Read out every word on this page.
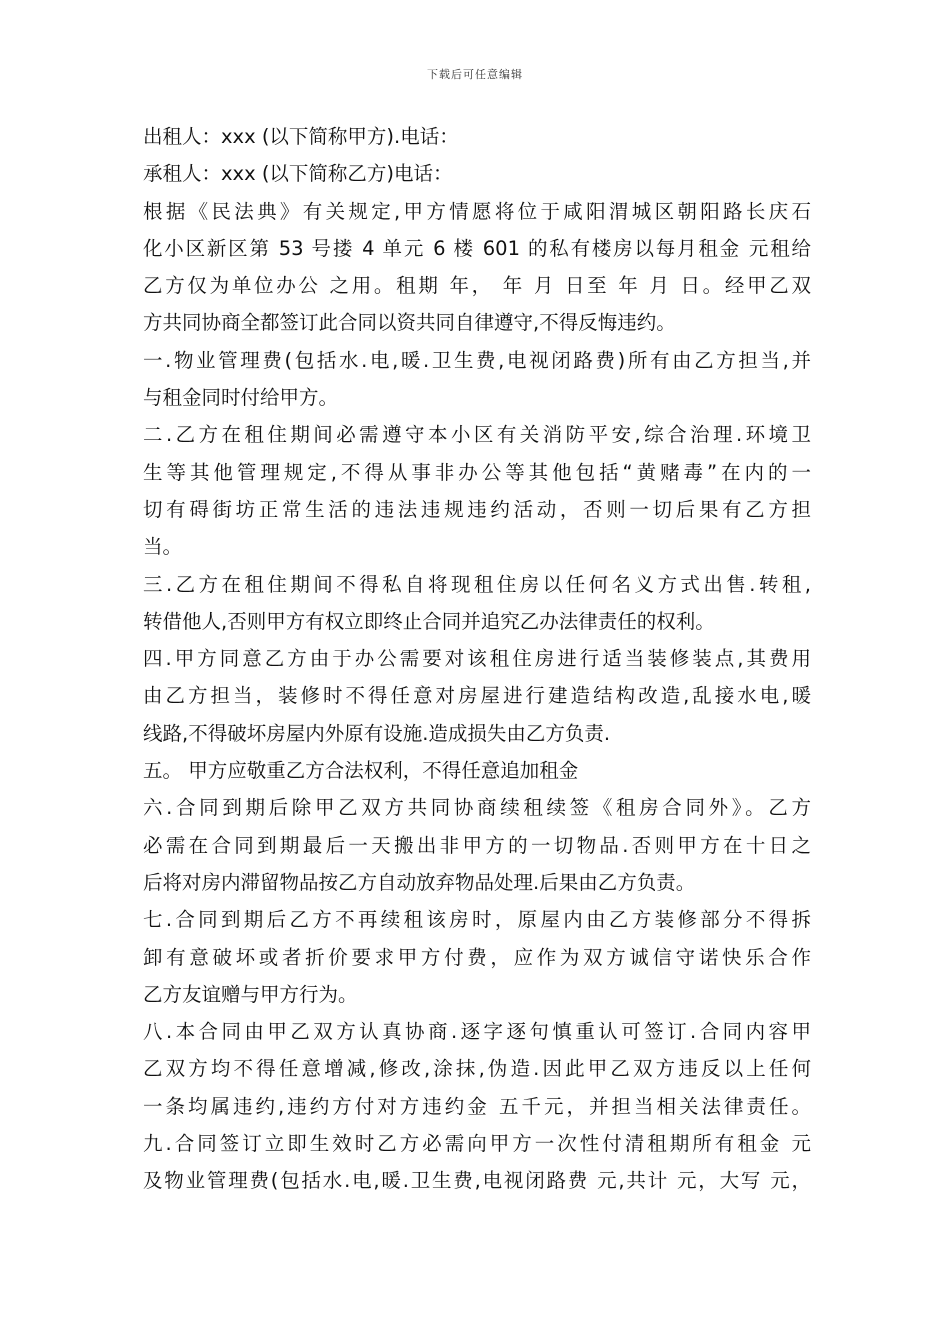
下载后可任意编辑
出租人：xxx (以下简称甲方).电话：
承租人：xxx (以下简称乙方)电话：
根据《民法典》有关规定,甲方情愿将位于咸阳渭城区朝阳路长庆石
化小区新区第 53 号搂 4 单元 6 楼 601 的私有楼房以每月租金 元租给
乙方仅为单位办公 之用。租期 年， 年 月 日至 年 月 日。经甲乙双
方共同协商全都签订此合同以资共同自律遵守,不得反悔违约。
一.物业管理费(包括水.电,暖.卫生费,电视闭路费)所有由乙方担当,并
与租金同时付给甲方。
二.乙方在租住期间必需遵守本小区有关消防平安,综合治理.环境卫
生等其他管理规定,不得从事非办公等其他包括“黄赌毒”在内的一
切有碍街坊正常生活的违法违规违约活动，否则一切后果有乙方担
当。
三.乙方在租住期间不得私自将现租住房以任何名义方式出售.转租,
转借他人,否则甲方有权立即终止合同并追究乙办法律责任的权利。
四.甲方同意乙方由于办公需要对该租住房进行适当装修装点,其费用
由乙方担当，装修时不得任意对房屋进行建造结构改造,乱接水电,暖
线路,不得破坏房屋内外原有设施.造成损失由乙方负责.
五。 甲方应敬重乙方合法权利，不得任意追加租金
六.合同到期后除甲乙双方共同协商续租续签《租房合同外》。乙方
必需在合同到期最后一天搬出非甲方的一切物品.否则甲方在十日之
后将对房内滞留物品按乙方自动放弃物品处理.后果由乙方负责。
七.合同到期后乙方不再续租该房时，原屋内由乙方装修部分不得拆
卸有意破坏或者折价要求甲方付费，应作为双方诚信守诺快乐合作
乙方友谊赠与甲方行为。
八.本合同由甲乙双方认真协商.逐字逐句慎重认可签订.合同内容甲
乙双方均不得任意增减,修改,涂抹,伪造.因此甲乙双方违反以上任何
一条均属违约,违约方付对方违约金 五千元，并担当相关法律责任。
九.合同签订立即生效时乙方必需向甲方一次性付清租期所有租金 元
及物业管理费(包括水.电,暖.卫生费,电视闭路费 元,共计 元，大写 元，
